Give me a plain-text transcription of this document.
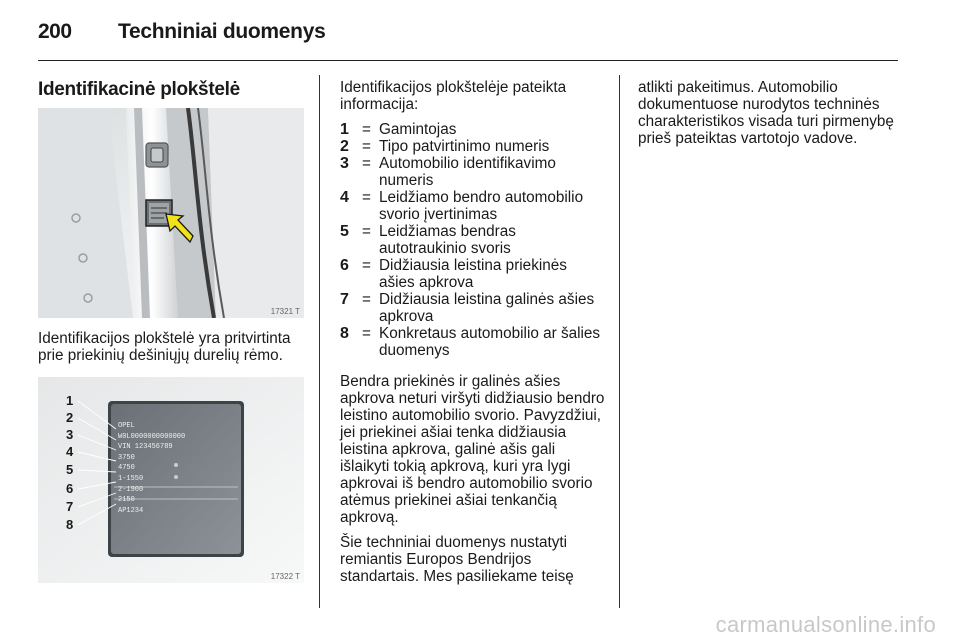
200 Techniniai duomenys
Identifikacinė plokštelė
17321 T

Identifikacijos plokštelė yra pritvirtinta prie priekinių dešiniųjų durelių rėmo.

1
2
3
4
5
6
7
8
OPEL
W0L0000000000000
VIN 123456789
3750
4750
1-1550
2-1900
2150
AP1234
17322 T

Identifikacijos plokštelėje pateikta informacija:

1 = Gamintojas
2 = Tipo patvirtinimo numeris
3 = Automobilio identifikavimo numeris
4 = Leidžiamo bendro automobilio svorio įvertinimas
5 = Leidžiamas bendras autotraukinio svoris
6 = Didžiausia leistina priekinės ašies apkrova
7 = Didžiausia leistina galinės ašies apkrova
8 = Konkretaus automobilio ar šalies duomenys

Bendra priekinės ir galinės ašies apkrova neturi viršyti didžiausio bendro leistino automobilio svorio. Pavyzdžiui, jei priekinei ašiai tenka didžiausia leistina apkrova, galinė ašis gali išlaikyti tokią apkrovą, kuri yra lygi apkrovai iš bendro automobilio svorio atėmus priekinei ašiai tenkančią apkrovą.

Šie techniniai duomenys nustatyti remiantis Europos Bendrijos standartais. Mes pasiliekame teisę

atlikti pakeitimus. Automobilio dokumentuose nurodytos techninės charakteristikos visada turi pirmenybę prieš pateiktas vartotojo vadove.

carmanualsonline.info
